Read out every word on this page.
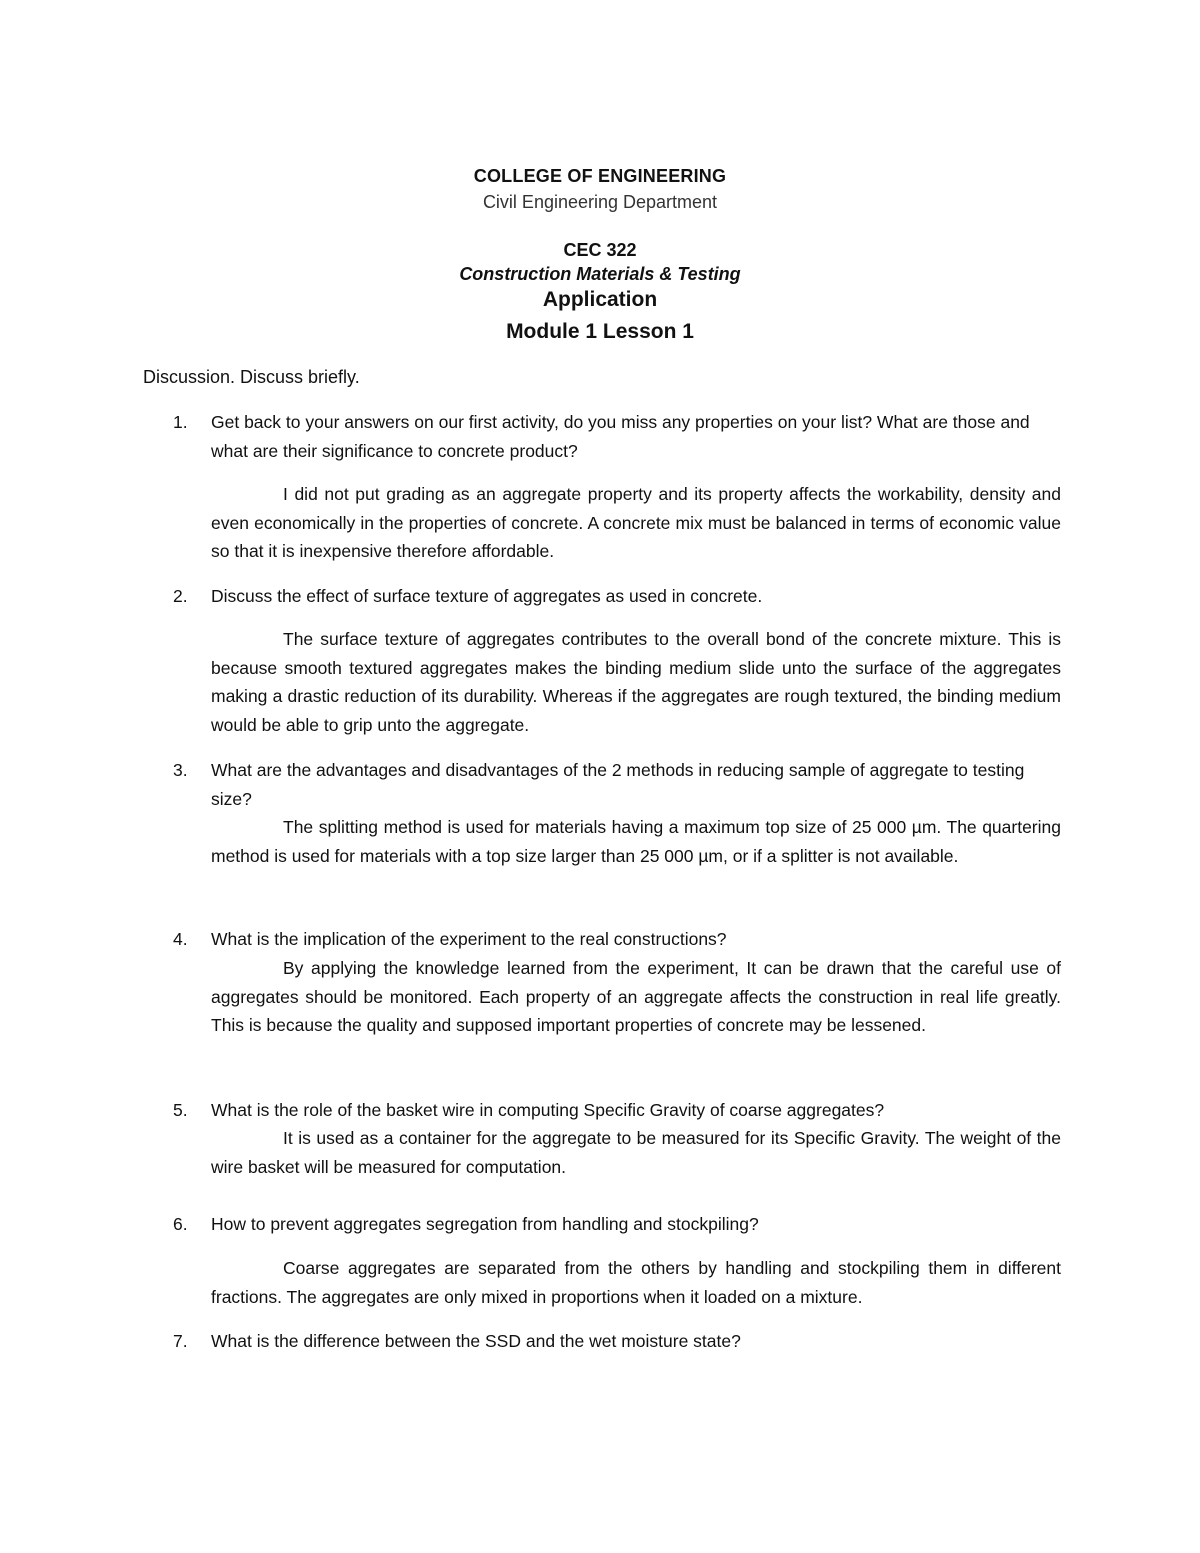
COLLEGE OF ENGINEERING
Civil Engineering Department
CEC 322
Construction Materials & Testing
Application
Module 1 Lesson 1
Discussion. Discuss briefly.
1. Get back to your answers on our first activity, do you miss any properties on your list? What are those and what are their significance to concrete product?
I did not put grading as an aggregate property and its property affects the workability, density and even economically in the properties of concrete. A concrete mix must be balanced in terms of economic value so that it is inexpensive therefore affordable.
2. Discuss the effect of surface texture of aggregates as used in concrete.
The surface texture of aggregates contributes to the overall bond of the concrete mixture. This is because smooth textured aggregates makes the binding medium slide unto the surface of the aggregates making a drastic reduction of its durability. Whereas if the aggregates are rough textured, the binding medium would be able to grip unto the aggregate.
3. What are the advantages and disadvantages of the 2 methods in reducing sample of aggregate to testing size?
The splitting method is used for materials having a maximum top size of 25 000 µm. The quartering method is used for materials with a top size larger than 25 000 µm, or if a splitter is not available.
4. What is the implication of the experiment to the real constructions?
By applying the knowledge learned from the experiment, It can be drawn that the careful use of aggregates should be monitored. Each property of an aggregate affects the construction in real life greatly. This is because the quality and supposed important properties of concrete may be lessened.
5. What is the role of the basket wire in computing Specific Gravity of coarse aggregates?
It is used as a container for the aggregate to be measured for its Specific Gravity. The weight of the wire basket will be measured for computation.
6. How to prevent aggregates segregation from handling and stockpiling?
Coarse aggregates are separated from the others by handling and stockpiling them in different fractions. The aggregates are only mixed in proportions when it loaded on a mixture.
7. What is the difference between the SSD and the wet moisture state?
